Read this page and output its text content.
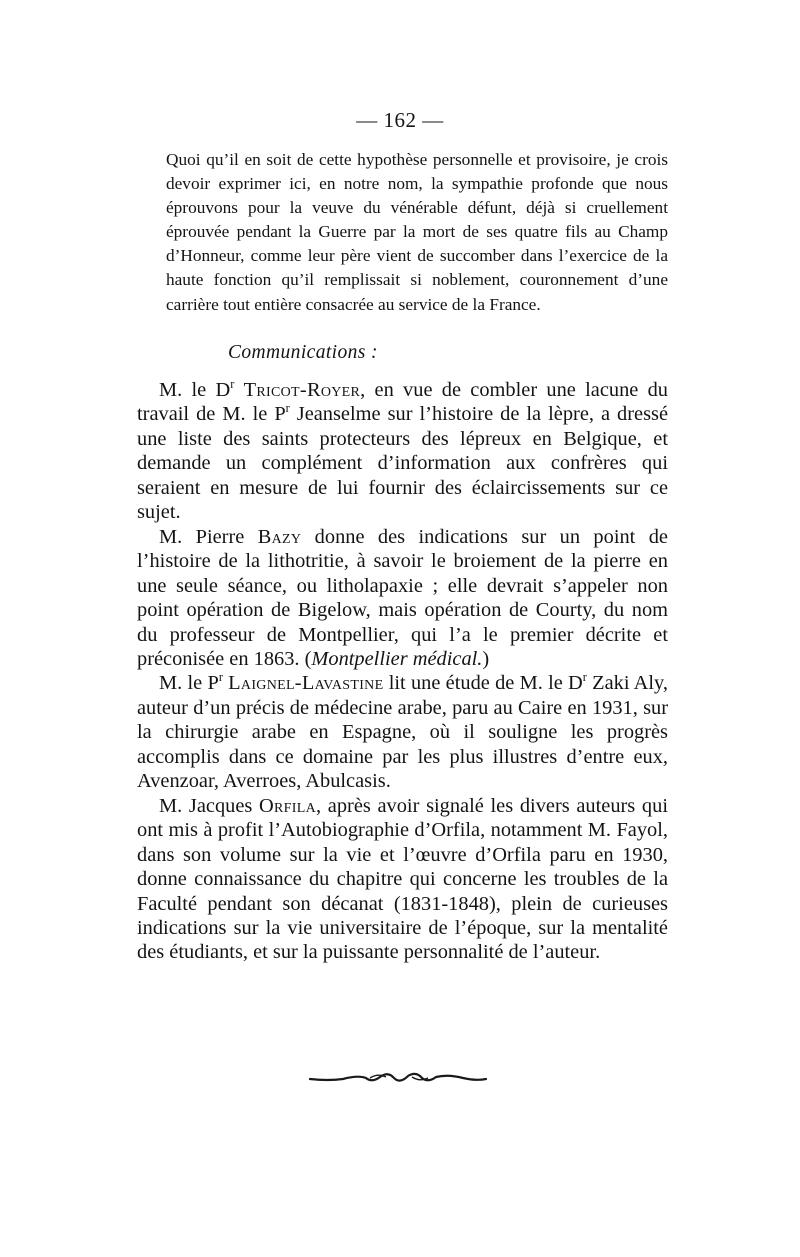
— 162 —

Quoi qu’il en soit de cette hypothèse personnelle et provisoire, je crois devoir exprimer ici, en notre nom, la sympathie profonde que nous éprouvons pour la veuve du vénérable défunt, déjà si cruellement éprouvée pendant la Guerre par la mort de ses quatre fils au Champ d’Honneur, comme leur père vient de succomber dans l’exercice de la haute fonction qu’il remplissait si noblement, couronnement d’une carrière tout entière consacrée au service de la France.

Communications :

M. le $D^r$ Tricot-Royer, en vue de combler une lacune du travail de M. le $P^r$ Jeanselme sur l’histoire de la lèpre, a dressé une liste des saints protecteurs des lépreux en Belgique, et demande un complément d’information aux confrères qui seraient en mesure de lui fournir des éclaircissements sur ce sujet.

M. Pierre Bazy donne des indications sur un point de l’histoire de la lithotritie, à savoir le broiement de la pierre en une seule séance, ou litholapaxie ; elle devrait s’appeler non point opération de Bigelow, mais opération de Courty, du nom du professeur de Montpellier, qui l’a le premier décrite et préconisée en 1863. (Montpellier médical.)

M. le $P^r$ Laignel-Lavastine lit une étude de M. le $D^r$ Zaki Aly, auteur d’un précis de médecine arabe, paru au Caire en 1931, sur la chirurgie arabe en Espagne, où il souligne les progrès accomplis dans ce domaine par les plus illustres d’entre eux, Avenzoar, Averroes, Abulcasis.

M. Jacques Orfila, après avoir signalé les divers auteurs qui ont mis à profit l’Autobiographie d’Orfila, notamment M. Fayol, dans son volume sur la vie et l’œuvre d’Orfila paru en 1930, donne connaissance du chapitre qui concerne les troubles de la Faculté pendant son décanat (1831-1848), plein de curieuses indications sur la vie universitaire de l’époque, sur la mentalité des étudiants, et sur la puissante personnalité de l’auteur.
